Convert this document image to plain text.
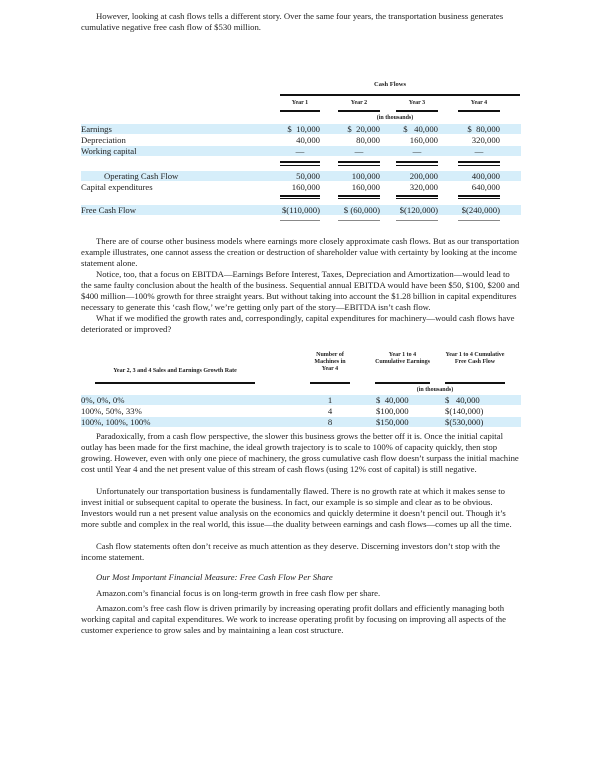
However, looking at cash flows tells a different story. Over the same four years, the transportation business generates cumulative negative free cash flow of $530 million.
Cash Flows
Year 1	Year 2	Year 3	Year 4
(in thousands)
Earnings	$  10,000	$  20,000	$   40,000	$  80,000
Depreciation	40,000	80,000	160,000	320,000
Working capital	—	—	—	—
Operating Cash Flow	50,000	100,000	200,000	400,000
Capital expenditures	160,000	160,000	320,000	640,000
Free Cash Flow	$(110,000)	$ (60,000)	$(120,000)	$(240,000)
There are of course other business models where earnings more closely approximate cash flows. But as our transportation example illustrates, one cannot assess the creation or destruction of shareholder value with certainty by looking at the income statement alone.
Notice, too, that a focus on EBITDA—Earnings Before Interest, Taxes, Depreciation and Amortization—would lead to the same faulty conclusion about the health of the business. Sequential annual EBITDA would have been $50, $100, $200 and $400 million—100% growth for three straight years. But without taking into account the $1.28 billion in capital expenditures necessary to generate this ‘cash flow,’ we’re getting only part of the story—EBITDA isn’t cash flow.
What if we modified the growth rates and, correspondingly, capital expenditures for machinery—would cash flows have deteriorated or improved?
Year 2, 3 and 4 Sales and Earnings Growth Rate
Number of Machines in Year 4
Year 1 to 4 Cumulative Earnings
Year 1 to 4 Cumulative Free Cash Flow
(in thousands)
0%, 0%, 0%	1	$  40,000	$   40,000
100%, 50%, 33%	4	$100,000	$(140,000)
100%, 100%, 100%	8	$150,000	$(530,000)
Paradoxically, from a cash flow perspective, the slower this business grows the better off it is. Once the initial capital outlay has been made for the first machine, the ideal growth trajectory is to scale to 100% of capacity quickly, then stop growing. However, even with only one piece of machinery, the gross cumulative cash flow doesn’t surpass the initial machine cost until Year 4 and the net present value of this stream of cash flows (using 12% cost of capital) is still negative.
Unfortunately our transportation business is fundamentally flawed. There is no growth rate at which it makes sense to invest initial or subsequent capital to operate the business. In fact, our example is so simple and clear as to be obvious. Investors would run a net present value analysis on the economics and quickly determine it doesn’t pencil out. Though it’s more subtle and complex in the real world, this issue—the duality between earnings and cash flows—comes up all the time.
Cash flow statements often don’t receive as much attention as they deserve. Discerning investors don’t stop with the income statement.
Our Most Important Financial Measure: Free Cash Flow Per Share
Amazon.com’s financial focus is on long-term growth in free cash flow per share.
Amazon.com’s free cash flow is driven primarily by increasing operating profit dollars and efficiently managing both working capital and capital expenditures. We work to increase operating profit by focusing on improving all aspects of the customer experience to grow sales and by maintaining a lean cost structure.
